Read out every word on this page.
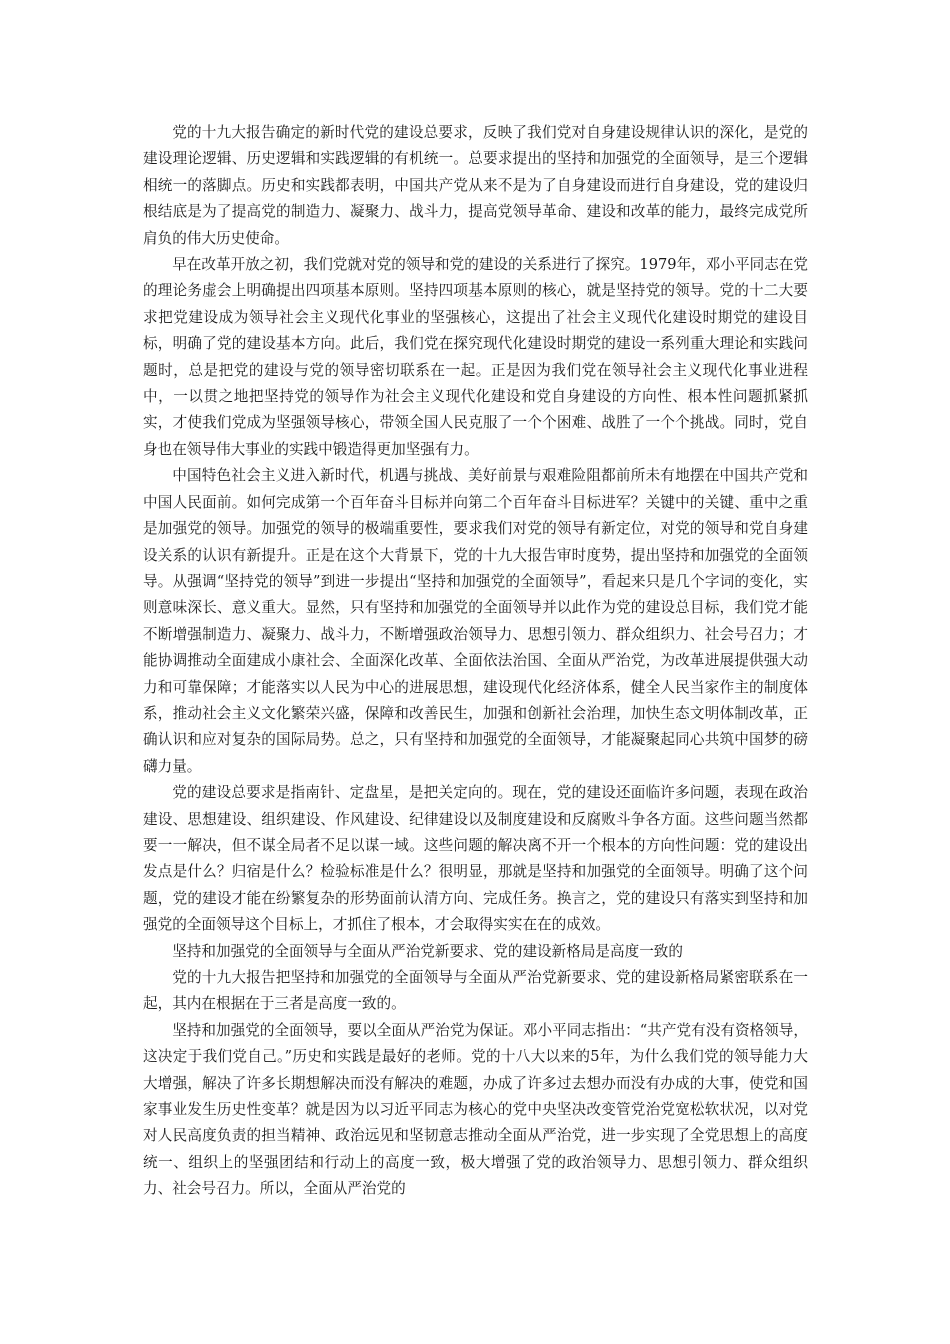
党的十九大报告确定的新时代党的建设总要求，反映了我们党对自身建设规律认识的深化，是党的建设理论逻辑、历史逻辑和实践逻辑的有机统一。总要求提出的坚持和加强党的全面领导，是三个逻辑相统一的落脚点。历史和实践都表明，中国共产党从来不是为了自身建设而进行自身建设，党的建设归根结底是为了提高党的制造力、凝聚力、战斗力，提高党领导革命、建设和改革的能力，最终完成党所肩负的伟大历史使命。

早在改革开放之初，我们党就对党的领导和党的建设的关系进行了探究。1979年，邓小平同志在党的理论务虚会上明确提出四项基本原则。坚持四项基本原则的核心，就是坚持党的领导。党的十二大要求把党建设成为领导社会主义现代化事业的坚强核心，这提出了社会主义现代化建设时期党的建设目标，明确了党的建设基本方向。此后，我们党在探究现代化建设时期党的建设一系列重大理论和实践问题时，总是把党的建设与党的领导密切联系在一起。正是因为我们党在领导社会主义现代化事业进程中，一以贯之地把坚持党的领导作为社会主义现代化建设和党自身建设的方向性、根本性问题抓紧抓实，才使我们党成为坚强领导核心，带领全国人民克服了一个个困难、战胜了一个个挑战。同时，党自身也在领导伟大事业的实践中锻造得更加坚强有力。

中国特色社会主义进入新时代，机遇与挑战、美好前景与艰难险阻都前所未有地摆在中国共产党和中国人民面前。如何完成第一个百年奋斗目标并向第二个百年奋斗目标进军？关键中的关键、重中之重是加强党的领导。加强党的领导的极端重要性，要求我们对党的领导有新定位，对党的领导和党自身建设关系的认识有新提升。正是在这个大背景下，党的十九大报告审时度势，提出坚持和加强党的全面领导。从强调“坚持党的领导”到进一步提出“坚持和加强党的全面领导”，看起来只是几个字词的变化，实则意味深长、意义重大。显然，只有坚持和加强党的全面领导并以此作为党的建设总目标，我们党才能不断增强制造力、凝聚力、战斗力，不断增强政治领导力、思想引领力、群众组织力、社会号召力；才能协调推动全面建成小康社会、全面深化改革、全面依法治国、全面从严治党，为改革进展提供强大动力和可靠保障；才能落实以人民为中心的进展思想，建设现代化经济体系，健全人民当家作主的制度体系，推动社会主义文化繁荣兴盛，保障和改善民生，加强和创新社会治理，加快生态文明体制改革，正确认识和应对复杂的国际局势。总之，只有坚持和加强党的全面领导，才能凝聚起同心共筑中国梦的磅礴力量。

党的建设总要求是指南针、定盘星，是把关定向的。现在，党的建设还面临许多问题，表现在政治建设、思想建设、组织建设、作风建设、纪律建设以及制度建设和反腐败斗争各方面。这些问题当然都要一一解决，但不谋全局者不足以谋一域。这些问题的解决离不开一个根本的方向性问题：党的建设出发点是什么？归宿是什么？检验标准是什么？很明显，那就是坚持和加强党的全面领导。明确了这个问题，党的建设才能在纷繁复杂的形势面前认清方向、完成任务。换言之，党的建设只有落实到坚持和加强党的全面领导这个目标上，才抓住了根本，才会取得实实在在的成效。

坚持和加强党的全面领导与全面从严治党新要求、党的建设新格局是高度一致的

党的十九大报告把坚持和加强党的全面领导与全面从严治党新要求、党的建设新格局紧密联系在一起，其内在根据在于三者是高度一致的。

坚持和加强党的全面领导，要以全面从严治党为保证。邓小平同志指出：“共产党有没有资格领导，这决定于我们党自己。”历史和实践是最好的老师。党的十八大以来的5年，为什么我们党的领导能力大大增强，解决了许多长期想解决而没有解决的难题，办成了许多过去想办而没有办成的大事，使党和国家事业发生历史性变革？就是因为以习近平同志为核心的党中央坚决改变管党治党宽松软状况，以对党对人民高度负责的担当精神、政治远见和坚韧意志推动全面从严治党，进一步实现了全党思想上的高度统一、组织上的坚强团结和行动上的高度一致，极大增强了党的政治领导力、思想引领力、群众组织力、社会号召力。所以，全面从严治党的
